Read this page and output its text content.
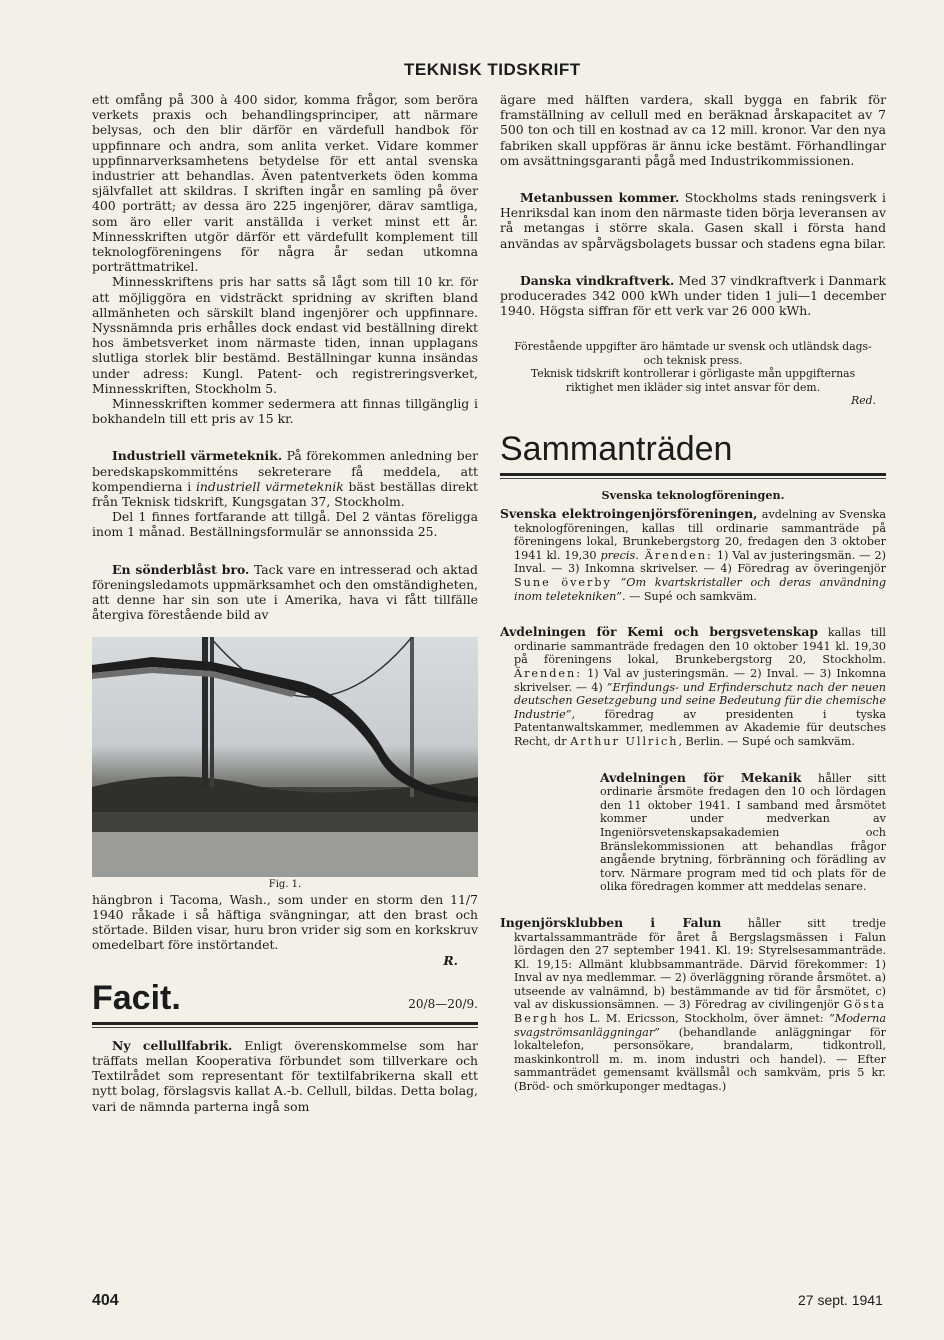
TEKNISK TIDSKRIFT

ett omfång på 300 à 400 sidor, komma frågor, som beröra verkets praxis och behandlingsprinciper, att närmare belysas, och den blir därför en värdefull handbok för uppfinnare och andra, som anlita verket. Vidare kommer uppfinnarverksamhetens betydelse för ett antal svenska industrier att behandlas. Även patentverkets öden komma självfallet att skildras. I skriften ingår en samling på över 400 porträtt; av dessa äro 225 ingenjörer, därav samtliga, som äro eller varit anställda i verket minst ett år. Minnesskriften utgör därför ett värdefullt komplement till teknologföreningens för några år sedan utkomna porträttmatrikel.

Minnesskriftens pris har satts så lågt som till 10 kr. för att möjliggöra en vidsträckt spridning av skriften bland allmänheten och särskilt bland ingenjörer och uppfinnare. Nyssnämnda pris erhålles dock endast vid beställning direkt hos ämbetsverket inom närmaste tiden, innan upplagans slutliga storlek blir bestämd. Beställningar kunna insändas under adress: Kungl. Patent- och registreringsverket, Minnesskriften, Stockholm 5.

Minnesskriften kommer sedermera att finnas tillgänglig i bokhandeln till ett pris av 15 kr.

Industriell värmeteknik. På förekommen anledning ber beredskapskommitténs sekreterare få meddela, att kompendierna i industriell värmeteknik bäst beställas direkt från Teknisk tidskrift, Kungsgatan 37, Stockholm.

Del 1 finnes fortfarande att tillgå. Del 2 väntas föreligga inom 1 månad. Beställningsformulär se annonssida 25.

En sönderblåst bro. Tack vare en intresserad och aktad föreningsledamots uppmärksamhet och den omständigheten, att denne har sin son ute i Amerika, hava vi fått tillfälle återgiva förestående bild av

Fig. 1.

hängbron i Tacoma, Wash., som under en storm den 11/7 1940 råkade i så häftiga svängningar, att den brast och störtade. Bilden visar, huru bron vrider sig som en korkskruv omedelbart före instörtandet.

R.

Facit.	20/8—20/9.

Ny cellullfabrik. Enligt överenskommelse som har träffats mellan Kooperativa förbundet som tillverkare och Textilrådet som representant för textilfabrikerna skall ett nytt bolag, förslagsvis kallat A.-b. Cellull, bildas. Detta bolag, vari de nämnda parterna ingå som

ägare med hälften vardera, skall bygga en fabrik för framställning av cellull med en beräknad årskapacitet av 7 500 ton och till en kostnad av ca 12 mill. kronor. Var den nya fabriken skall uppföras är ännu icke bestämt. Förhandlingar om avsättningsgaranti pågå med Industrikommissionen.

Metanbussen kommer. Stockholms stads reningsverk i Henriksdal kan inom den närmaste tiden börja leveransen av rå metangas i större skala. Gasen skall i första hand användas av spårvägsbolagets bussar och stadens egna bilar.

Danska vindkraftverk. Med 37 vindkraftverk i Danmark producerades 342 000 kWh under tiden 1 juli—1 december 1940. Högsta siffran för ett verk var 26 000 kWh.

Förestående uppgifter äro hämtade ur svensk och utländsk dags- och teknisk press.
Teknisk tidskrift kontrollerar i görligaste mån uppgifternas riktighet men ikläder sig intet ansvar för dem.
Red.
Sammanträden

Svenska teknologföreningen.

Svenska elektroingenjörsföreningen, avdelning av Svenska teknologföreningen, kallas till ordinarie sammanträde på föreningens lokal, Brunkebergstorg 20, fredagen den 3 oktober 1941 kl. 19,30 precis. Ärenden: 1) Val av justeringsmän. — 2) Inval. — 3) Inkomna skrivelser. — 4) Föredrag av överingenjör Sune överby ”Om kvartskristaller och deras användning inom teletekniken”. — Supé och samkväm.

Avdelningen för Kemi och bergsvetenskap kallas till ordinarie sammanträde fredagen den 10 oktober 1941 kl. 19,30 på föreningens lokal, Brunkebergstorg 20, Stockholm. Ärenden: 1) Val av justeringsmän. — 2) Inval. — 3) Inkomna skrivelser. — 4) ”Erfindungs- und Erfinderschutz nach der neuen deutschen Gesetzgebung und seine Bedeutung für die chemische Industrie”, föredrag av presidenten i tyska Patentanwaltskammer, medlemmen av Akademie für deutsches Recht, dr Arthur Ullrich, Berlin. — Supé och samkväm.

Avdelningen för Mekanik håller sitt ordinarie årsmöte fredagen den 10 och lördagen den 11 oktober 1941. I samband med årsmötet kommer under medverkan av Ingeniörsvetenskapsakademien och Bränslekommissionen att behandlas frågor angående brytning, förbränning och förädling av torv. Närmare program med tid och plats för de olika föredragen kommer att meddelas senare.

Ingenjörsklubben i Falun håller sitt tredje kvartalssammanträde för året å Bergslagsmässen i Falun lördagen den 27 september 1941. Kl. 19: Styrelsesammanträde. Kl. 19,15: Allmänt klubbsammanträde. Därvid förekommer: 1) Inval av nya medlemmar. — 2) överläggning rörande årsmötet. a) utseende av valnämnd, b) bestämmande av tid för årsmötet, c) val av diskussionsämnen. — 3) Föredrag av civilingenjör Gösta Bergh hos L. M. Ericsson, Stockholm, över ämnet: ”Moderna svagströmsanläggningar” (behandlande anläggningar för lokaltelefon, personsökare, brandalarm, tidkontroll, maskinkontroll m. m. inom industri och handel). — Efter sammanträdet gemensamt kvällsmål och samkväm, pris 5 kr. (Bröd- och smörkuponger medtagas.)

404	27 sept. 1941
